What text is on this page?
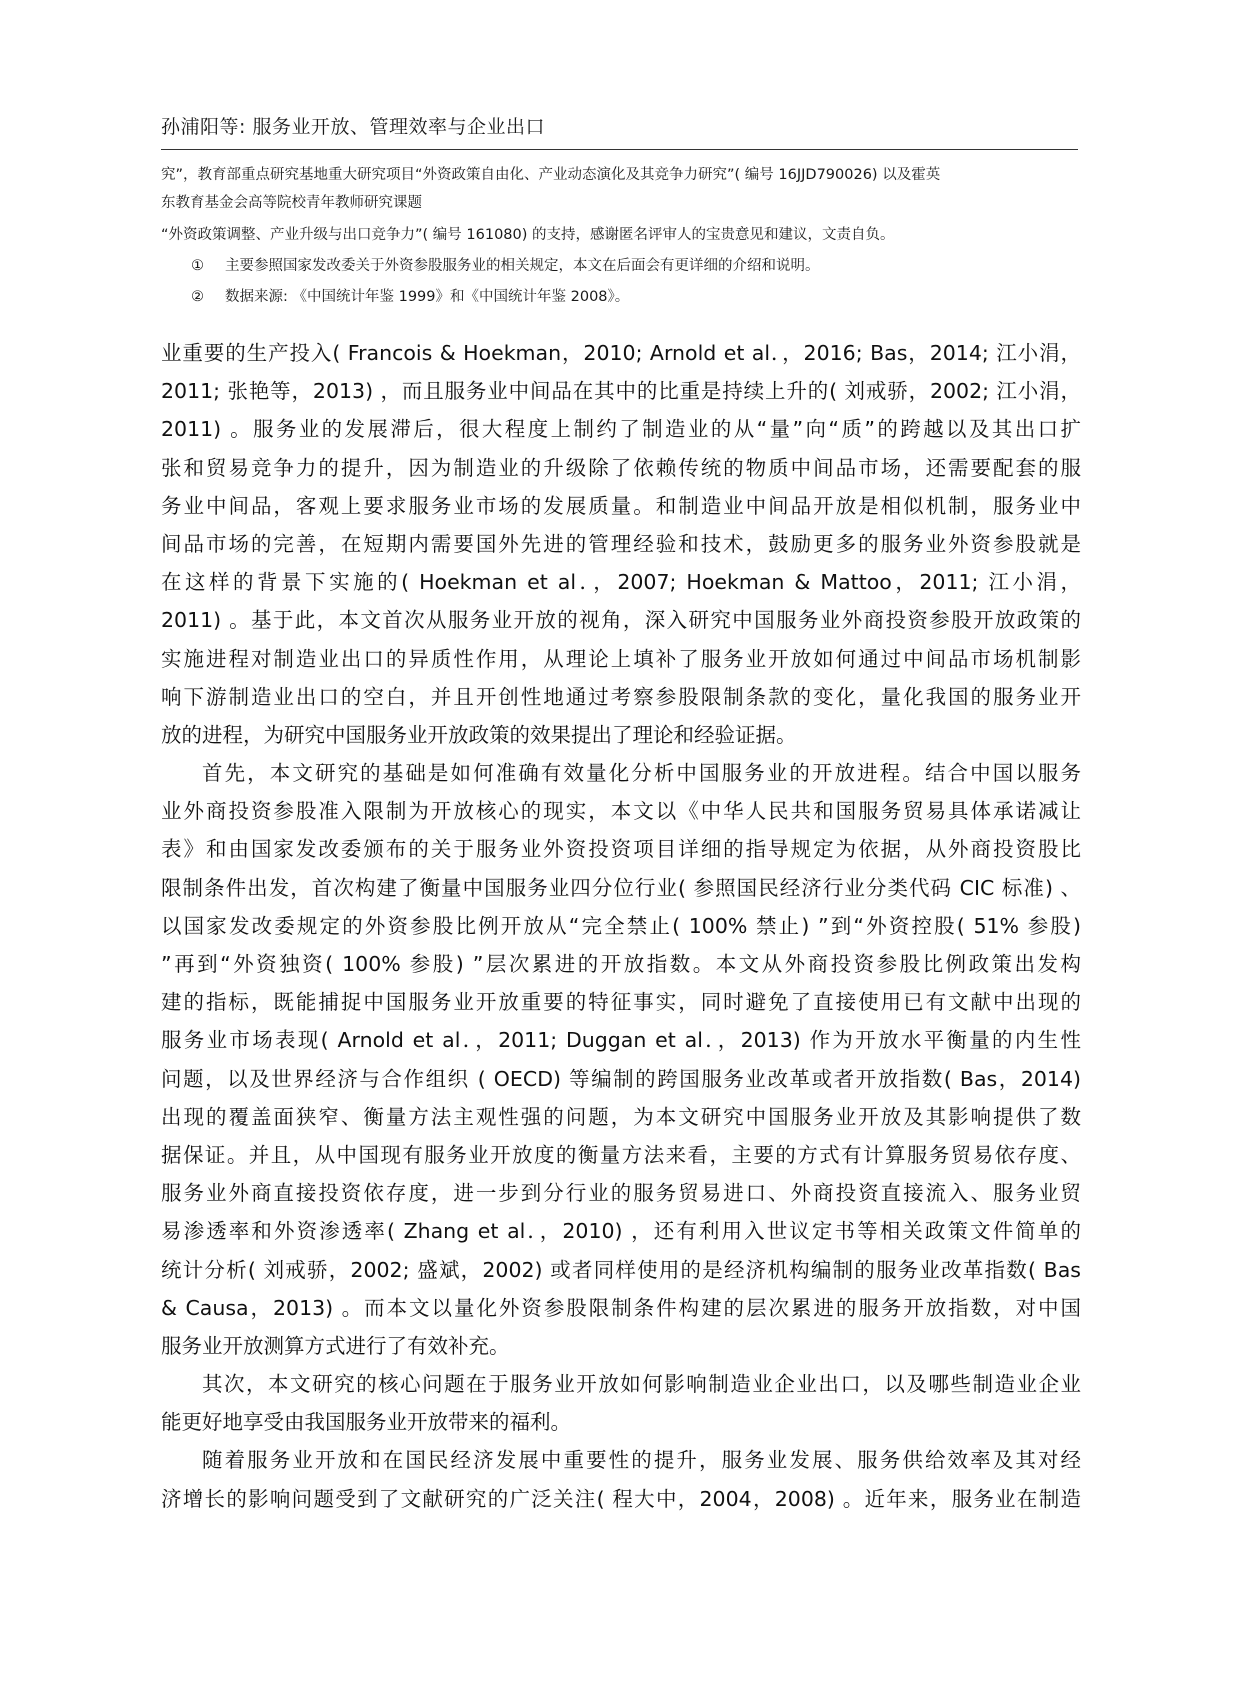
孙浦阳等: 服务业开放、管理效率与企业出口
究”，教育部重点研究基地重大研究项目“外资政策自由化、产业动态演化及其竞争力研究”( 编号 16JJD790026) 以及霍英
东教育基金会高等院校青年教师研究课题
“外资政策调整、产业升级与出口竞争力”( 编号 161080) 的支持，感谢匿名评审人的宝贵意见和建议，文责自负。
① 主要参照国家发改委关于外资参股服务业的相关规定，本文在后面会有更详细的介绍和说明。
② 数据来源: 《中国统计年鉴 1999》和《中国统计年鉴 2008》。
业重要的生产投入( Francois & Hoekman，2010; Arnold et al．，2016; Bas，2014; 江小涓，
2011; 张艳等，2013) ，而且服务业中间品在其中的比重是持续上升的( 刘戒骄，2002; 江小涓，
2011) 。服务业的发展滞后，很大程度上制约了制造业的从“量”向“质”的跨越以及其出口扩
张和贸易竞争力的提升，因为制造业的升级除了依赖传统的物质中间品市场，还需要配套的服
务业中间品，客观上要求服务业市场的发展质量。和制造业中间品开放是相似机制，服务业中
间品市场的完善，在短期内需要国外先进的管理经验和技术，鼓励更多的服务业外资参股就是
在这样的背景下实施的( Hoekman et al．，2007; Hoekman & Mattoo，2011; 江小涓，
2011) 。基于此，本文首次从服务业开放的视角，深入研究中国服务业外商投资参股开放政策的
实施进程对制造业出口的异质性作用，从理论上填补了服务业开放如何通过中间品市场机制影
响下游制造业出口的空白，并且开创性地通过考察参股限制条款的变化，量化我国的服务业开
放的进程，为研究中国服务业开放政策的效果提出了理论和经验证据。
首先，本文研究的基础是如何准确有效量化分析中国服务业的开放进程。结合中国以服务
业外商投资参股准入限制为开放核心的现实，本文以《中华人民共和国服务贸易具体承诺减让
表》和由国家发改委颁布的关于服务业外资投资项目详细的指导规定为依据，从外商投资股比
限制条件出发，首次构建了衡量中国服务业四分位行业( 参照国民经济行业分类代码 CIC 标准) 、
以国家发改委规定的外资参股比例开放从“完全禁止( 100% 禁止) ”到“外资控股( 51% 参股)
”再到“外资独资( 100% 参股) ”层次累进的开放指数。本文从外商投资参股比例政策出发构
建的指标，既能捕捉中国服务业开放重要的特征事实，同时避免了直接使用已有文献中出现的
服务业市场表现( Arnold et al．，2011; Duggan et al．，2013) 作为开放水平衡量的内生性
问题，以及世界经济与合作组织 ( OECD) 等编制的跨国服务业改革或者开放指数( Bas，2014)
出现的覆盖面狭窄、衡量方法主观性强的问题，为本文研究中国服务业开放及其影响提供了数
据保证。并且，从中国现有服务业开放度的衡量方法来看，主要的方式有计算服务贸易依存度、
服务业外商直接投资依存度，进一步到分行业的服务贸易进口、外商投资直接流入、服务业贸
易渗透率和外资渗透率( Zhang et al．，2010) ，还有利用入世议定书等相关政策文件简单的
统计分析( 刘戒骄，2002; 盛斌，2002) 或者同样使用的是经济机构编制的服务业改革指数( Bas
& Causa，2013) 。而本文以量化外资参股限制条件构建的层次累进的服务开放指数，对中国
服务业开放测算方式进行了有效补充。
其次，本文研究的核心问题在于服务业开放如何影响制造业企业出口，以及哪些制造业企业
能更好地享受由我国服务业开放带来的福利。
随着服务业开放和在国民经济发展中重要性的提升，服务业发展、服务供给效率及其对经
济增长的影响问题受到了文献研究的广泛关注( 程大中，2004，2008) 。近年来，服务业在制造
